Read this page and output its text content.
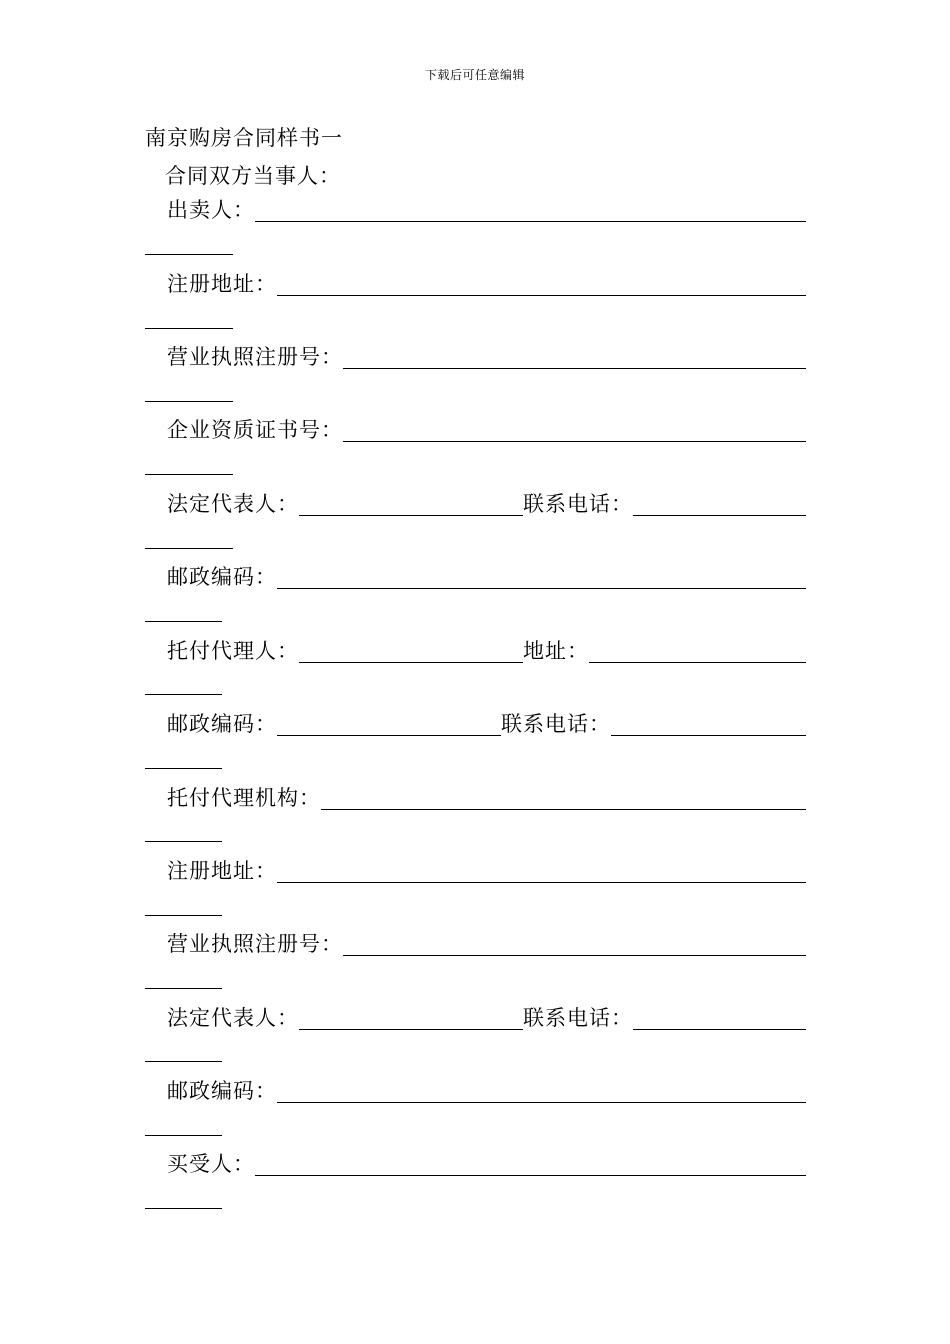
下载后可任意编辑
南京购房合同样书一
合同双方当事人：
出卖人：
注册地址：
营业执照注册号：
企业资质证书号：
法定代表人：	联系电话：
邮政编码：
托付代理人：	地址：
邮政编码：	联系电话：
托付代理机构：
注册地址：
营业执照注册号：
法定代表人：	联系电话：
邮政编码：
买受人：
